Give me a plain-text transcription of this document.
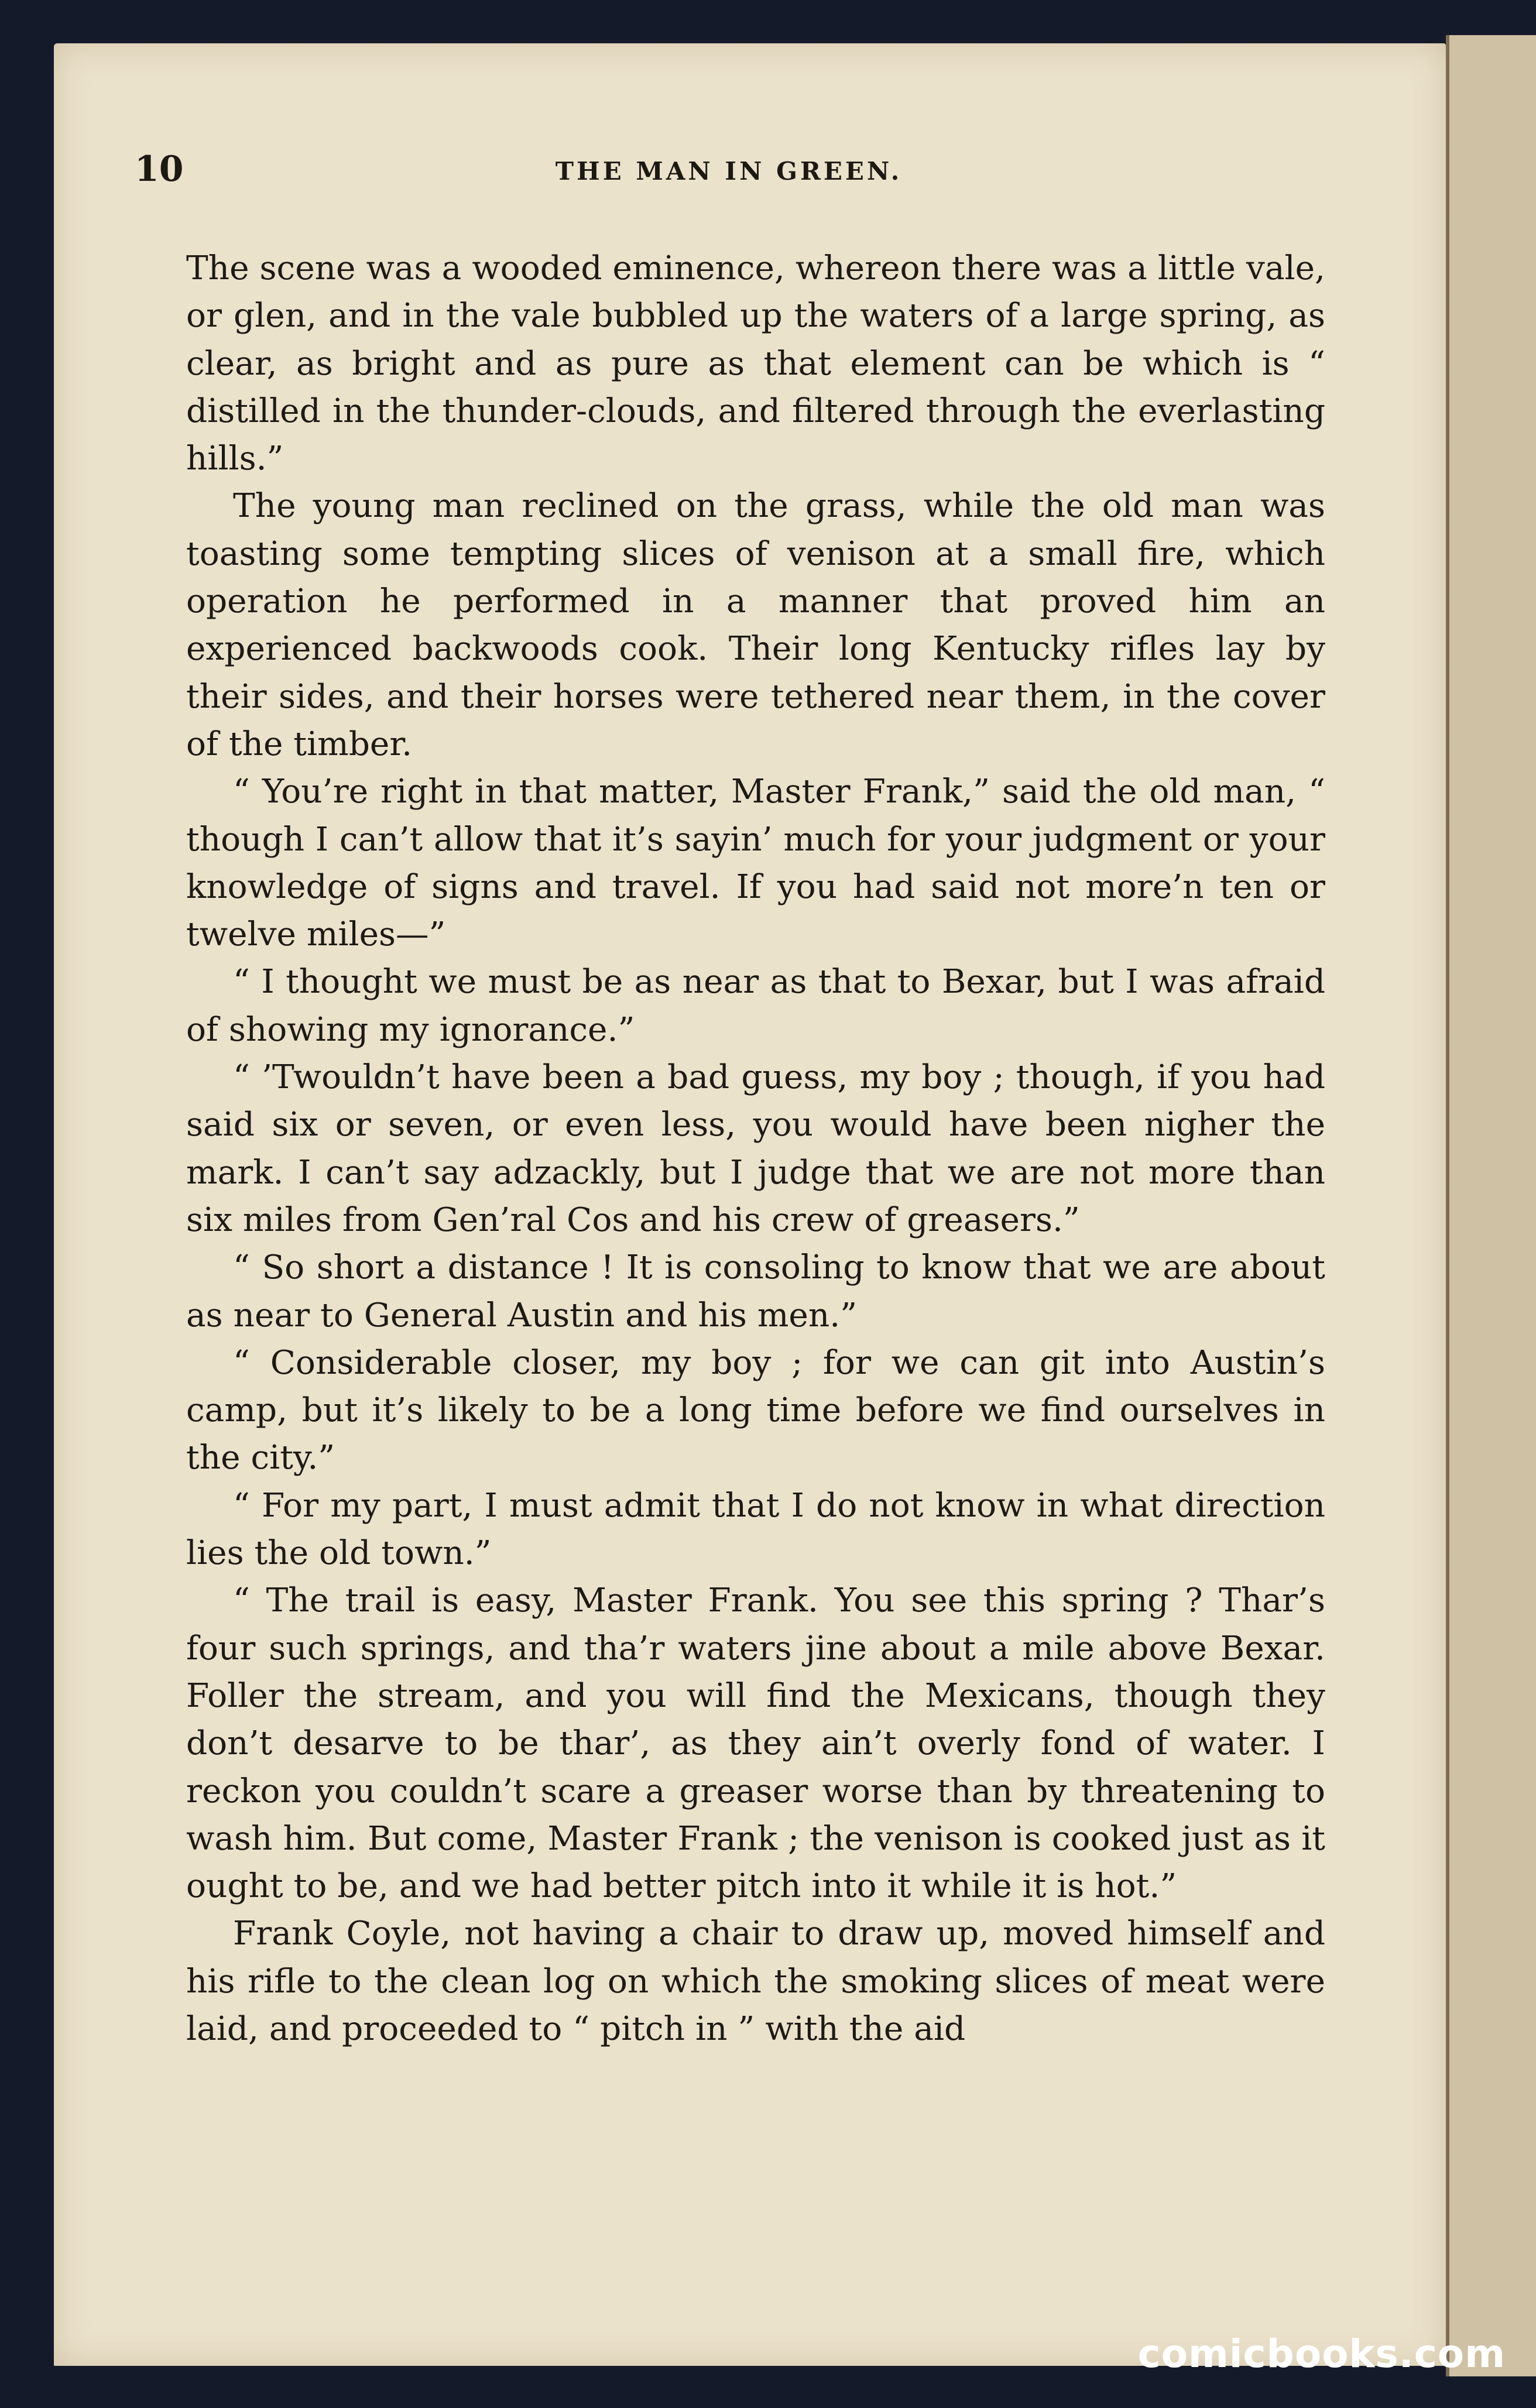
10	THE MAN IN GREEN.

The scene was a wooded eminence, whereon there was a little vale, or glen, and in the vale bubbled up the waters of a large spring, as clear, as bright and as pure as that element can be which is “ distilled in the thunder-clouds, and filtered through the everlasting hills.”

The young man reclined on the grass, while the old man was toasting some tempting slices of venison at a small fire, which operation he performed in a manner that proved him an experienced backwoods cook. Their long Kentucky rifles lay by their sides, and their horses were tethered near them, in the cover of the timber.

“ You’re right in that matter, Master Frank,” said the old man, “ though I can’t allow that it’s sayin’ much for your judgment or your knowledge of signs and travel. If you had said not more’n ten or twelve miles—”

“ I thought we must be as near as that to Bexar, but I was afraid of showing my ignorance.”

“ ’Twouldn’t have been a bad guess, my boy ; though, if you had said six or seven, or even less, you would have been nigher the mark. I can’t say adzackly, but I judge that we are not more than six miles from Gen’ral Cos and his crew of greasers.”

“ So short a distance ! It is consoling to know that we are about as near to General Austin and his men.”

“ Considerable closer, my boy ; for we can git into Austin’s camp, but it’s likely to be a long time before we find ourselves in the city.”

“ For my part, I must admit that I do not know in what direction lies the old town.”

“ The trail is easy, Master Frank. You see this spring ? Thar’s four such springs, and tha’r waters jine about a mile above Bexar. Foller the stream, and you will find the Mexicans, though they don’t desarve to be thar’, as they ain’t overly fond of water. I reckon you couldn’t scare a greaser worse than by threatening to wash him. But come, Master Frank ; the venison is cooked just as it ought to be, and we had better pitch into it while it is hot.”

Frank Coyle, not having a chair to draw up, moved himself and his rifle to the clean log on which the smoking slices of meat were laid, and proceeded to “ pitch in ” with the aid

comicbooks.com
